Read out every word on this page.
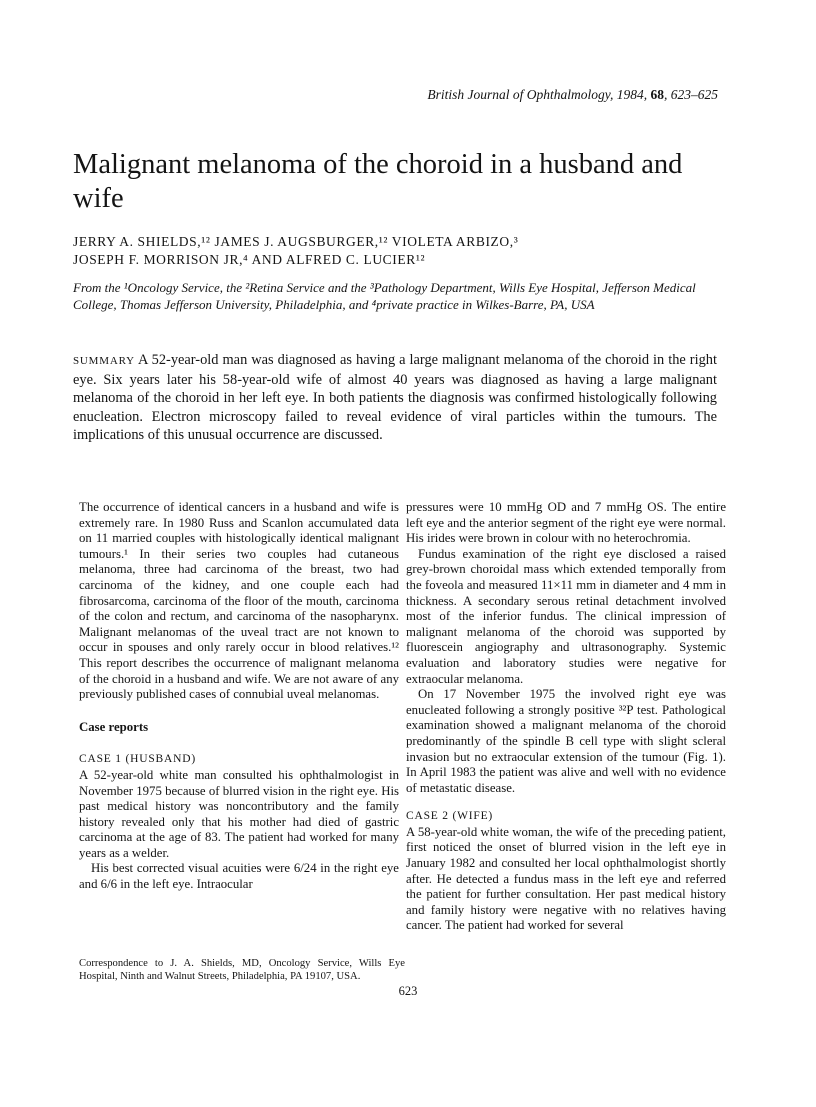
British Journal of Ophthalmology, 1984, 68, 623–625
Malignant melanoma of the choroid in a husband and wife
JERRY A. SHIELDS,¹² JAMES J. AUGSBURGER,¹² VIOLETA ARBIZO,³
JOSEPH F. MORRISON JR,⁴ AND ALFRED C. LUCIER¹²

From the ¹Oncology Service, the ²Retina Service and the ³Pathology Department, Wills Eye Hospital, Jefferson Medical College, Thomas Jefferson University, Philadelphia, and ⁴private practice in Wilkes-Barre, PA, USA

SUMMARY A 52-year-old man was diagnosed as having a large malignant melanoma of the choroid in the right eye. Six years later his 58-year-old wife of almost 40 years was diagnosed as having a large malignant melanoma of the choroid in her left eye. In both patients the diagnosis was confirmed histologically following enucleation. Electron microscopy failed to reveal evidence of viral particles within the tumours. The implications of this unusual occurrence are discussed.

The occurrence of identical cancers in a husband and wife is extremely rare. In 1980 Russ and Scanlon accumulated data on 11 married couples with histologically identical malignant tumours.¹ In their series two couples had cutaneous melanoma, three had carcinoma of the breast, two had carcinoma of the kidney, and one couple each had fibrosarcoma, carcinoma of the floor of the mouth, carcinoma of the colon and rectum, and carcinoma of the nasopharynx. Malignant melanomas of the uveal tract are not known to occur in spouses and only rarely occur in blood relatives.¹² This report describes the occurrence of malignant melanoma of the choroid in a husband and wife. We are not aware of any previously published cases of connubial uveal melanomas.

Case reports
CASE 1 (HUSBAND)

A 52-year-old white man consulted his ophthalmologist in November 1975 because of blurred vision in the right eye. His past medical history was noncontributory and the family history revealed only that his mother had died of gastric carcinoma at the age of 83. The patient had worked for many years as a welder.

His best corrected visual acuities were 6/24 in the right eye and 6/6 in the left eye. Intraocular

pressures were 10 mmHg OD and 7 mmHg OS. The entire left eye and the anterior segment of the right eye were normal. His irides were brown in colour with no heterochromia.

Fundus examination of the right eye disclosed a raised grey-brown choroidal mass which extended temporally from the foveola and measured 11×11 mm in diameter and 4 mm in thickness. A secondary serous retinal detachment involved most of the inferior fundus. The clinical impression of malignant melanoma of the choroid was supported by fluorescein angiography and ultrasonography. Systemic evaluation and laboratory studies were negative for extraocular melanoma.

On 17 November 1975 the involved right eye was enucleated following a strongly positive ³²P test. Pathological examination showed a malignant melanoma of the choroid predominantly of the spindle B cell type with slight scleral invasion but no extraocular extension of the tumour (Fig. 1). In April 1983 the patient was alive and well with no evidence of metastatic disease.

CASE 2 (WIFE)

A 58-year-old white woman, the wife of the preceding patient, first noticed the onset of blurred vision in the left eye in January 1982 and consulted her local ophthalmologist shortly after. He detected a fundus mass in the left eye and referred the patient for further consultation. Her past medical history and family history were negative with no relatives having cancer. The patient had worked for several

Correspondence to J. A. Shields, MD, Oncology Service, Wills Eye Hospital, Ninth and Walnut Streets, Philadelphia, PA 19107, USA.

623
